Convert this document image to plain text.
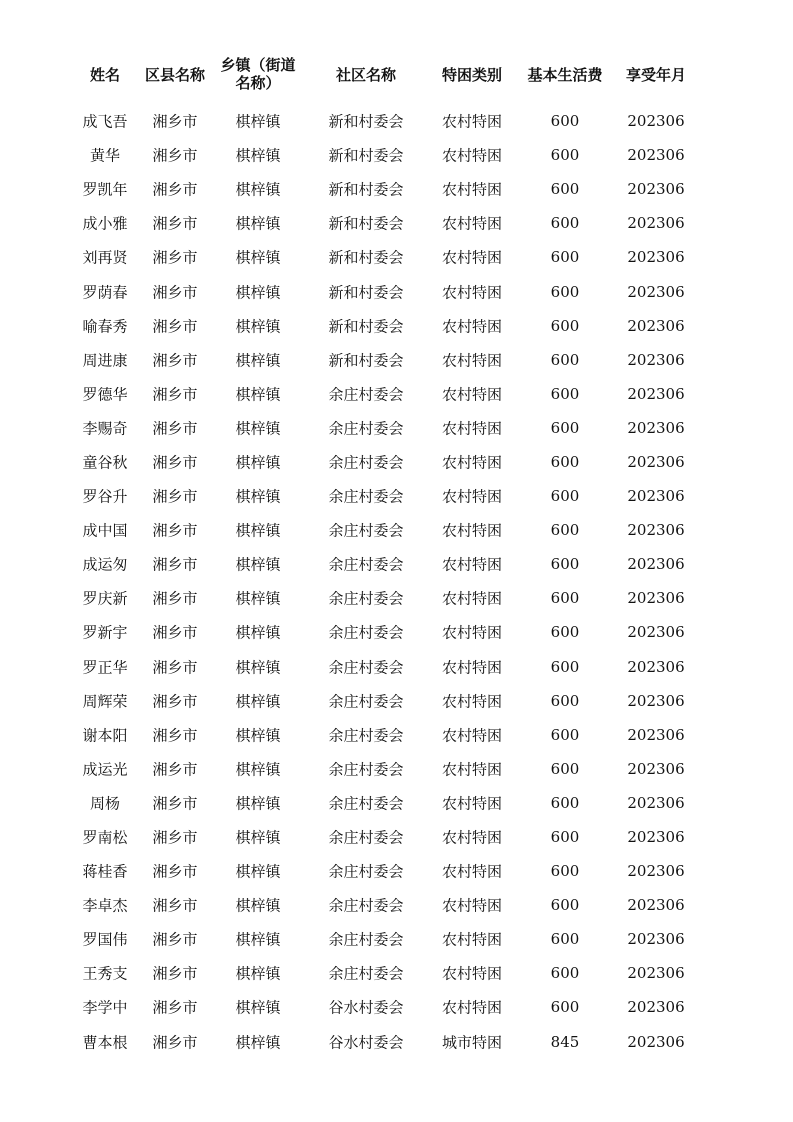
姓名 区县名称
乡镇（街道
名称）	社区名称	特困类别 基本生活费 享受年月
成飞吾 湘乡市	棋梓镇	新和村委会	农村特困	600	202306
黄华 湘乡市	棋梓镇	新和村委会	农村特困	600	202306
罗凯年 湘乡市	棋梓镇	新和村委会	农村特困	600	202306
成小雅 湘乡市	棋梓镇	新和村委会	农村特困	600	202306
刘再贤 湘乡市	棋梓镇	新和村委会	农村特困	600	202306
罗荫春 湘乡市	棋梓镇	新和村委会	农村特困	600	202306
喻春秀 湘乡市	棋梓镇	新和村委会	农村特困	600	202306
周进康 湘乡市	棋梓镇	新和村委会	农村特困	600	202306
罗德华 湘乡市	棋梓镇	余庄村委会	农村特困	600	202306
李赐奇 湘乡市	棋梓镇	余庄村委会	农村特困	600	202306
童谷秋 湘乡市	棋梓镇	余庄村委会	农村特困	600	202306
罗谷升 湘乡市	棋梓镇	余庄村委会	农村特困	600	202306
成中国 湘乡市	棋梓镇	余庄村委会	农村特困	600	202306
成运匆 湘乡市	棋梓镇	余庄村委会	农村特困	600	202306
罗庆新 湘乡市	棋梓镇	余庄村委会	农村特困	600	202306
罗新宇 湘乡市	棋梓镇	余庄村委会	农村特困	600	202306
罗正华 湘乡市	棋梓镇	余庄村委会	农村特困	600	202306
周辉荣 湘乡市	棋梓镇	余庄村委会	农村特困	600	202306
谢本阳 湘乡市	棋梓镇	余庄村委会	农村特困	600	202306
成运光 湘乡市	棋梓镇	余庄村委会	农村特困	600	202306
周杨 湘乡市	棋梓镇	余庄村委会	农村特困	600	202306
罗南松 湘乡市	棋梓镇	余庄村委会	农村特困	600	202306
蒋桂香 湘乡市	棋梓镇	余庄村委会	农村特困	600	202306
李卓杰 湘乡市	棋梓镇	余庄村委会	农村特困	600	202306
罗国伟 湘乡市	棋梓镇	余庄村委会	农村特困	600	202306
王秀支 湘乡市	棋梓镇	余庄村委会	农村特困	600	202306
李学中 湘乡市	棋梓镇	谷水村委会	农村特困	600	202306
曹本根 湘乡市	棋梓镇	谷水村委会	城市特困	845	202306
